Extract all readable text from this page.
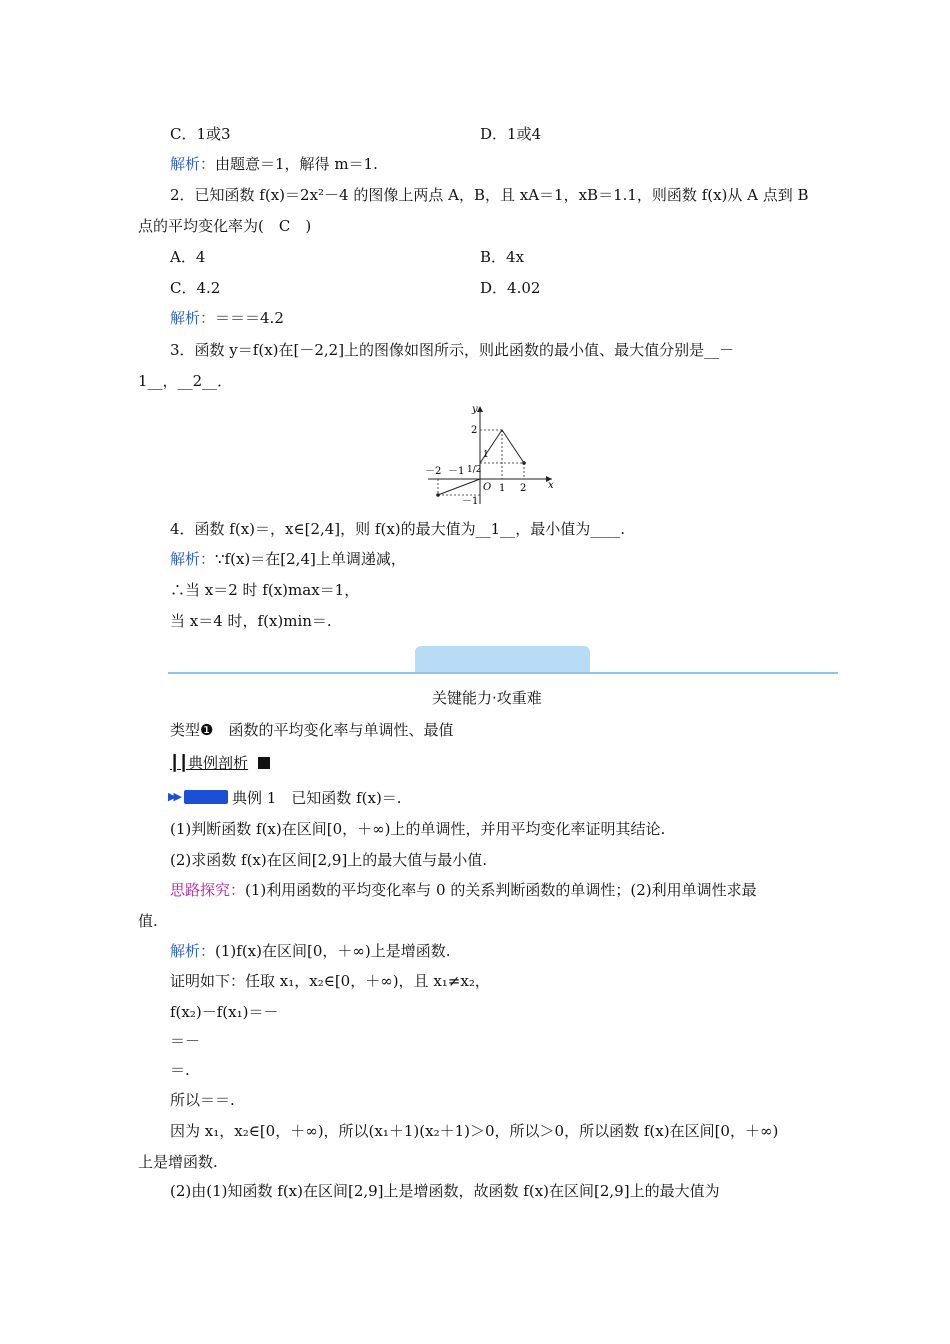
C．1或3	D．1或4
解析：由题意＝1，解得 m＝1.
2．已知函数 f(x)＝2x²－4 的图像上两点 A，B，且 xA＝1，xB＝1.1，则函数 f(x)从 A 点到 B
点的平均变化率为(　C　)
A．4	B．4x
C．4.2	D．4.02
解析：＝＝＝4.2
3．函数 y＝f(x)在[－2,2]上的图像如图所示，则此函数的最小值、最大值分别是__－
1__，__2__．
y
x
O
－2 －1
1 2
2
1
1/2
－1
4．函数 f(x)＝，x∈[2,4]，则 f(x)的最大值为__1__，最小值为____.
解析：∵f(x)＝在[2,4]上单调递减，
∴当 x＝2 时 f(x)max＝1，
当 x＝4 时，f(x)min＝.
关键能力·攻重难
类型❶　函数的平均变化率与单调性、最值
┃┃典例剖析
▶▶	典例 1　已知函数 f(x)＝.
(1)判断函数 f(x)在区间[0，＋∞)上的单调性，并用平均变化率证明其结论.
(2)求函数 f(x)在区间[2,9]上的最大值与最小值.
思路探究：(1)利用函数的平均变化率与 0 的关系判断函数的单调性；(2)利用单调性求最
值.
解析：(1)f(x)在区间[0，＋∞)上是增函数.
证明如下：任取 x₁，x₂∈[0，＋∞)，且 x₁≠x₂，
f(x₂)－f(x₁)＝－
＝－
＝.
所以＝＝.
因为 x₁，x₂∈[0，＋∞)，所以(x₁＋1)(x₂＋1)＞0，所以＞0，所以函数 f(x)在区间[0，＋∞)
上是增函数.
(2)由(1)知函数 f(x)在区间[2,9]上是增函数，故函数 f(x)在区间[2,9]上的最大值为
